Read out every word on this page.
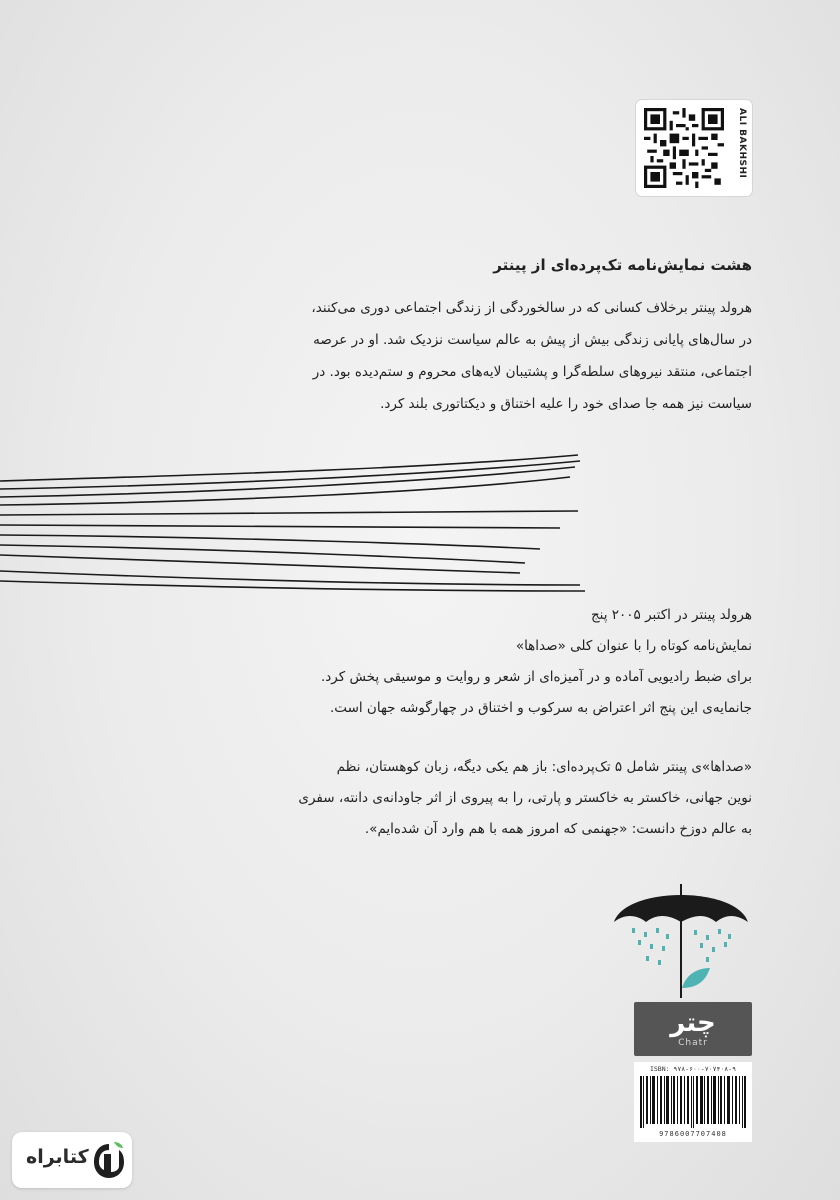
ALI BAKHSHI
هشت نمایش‌نامه تک‌پرده‌ای از پینتر
هرولد پینتر برخلاف کسانی که در سالخوردگی از زندگی اجتماعی دوری می‌کنند،
در سال‌های پایانی زندگی بیش از پیش به عالم سیاست نزدیک شد. او در عرصه
اجتماعی، منتقد نیروهای سلطه‌گرا و پشتیبان لایه‌های محروم و ستم‌دیده بود. در
سیاست نیز همه جا صدای خود را علیه اختناق و دیکتاتوری بلند کرد.
هرولد پینتر در اکتبر ۲۰۰۵ پنج
نمایش‌نامه کوتاه را با عنوان کلی «صداها»
برای ضبط رادیویی آماده و در آمیزه‌ای از شعر و روایت و موسیقی پخش کرد.
جانمایه‌ی این پنج اثر اعتراض به سرکوب و اختناق در چهارگوشه جهان است.
«صداها»ی پینتر شامل ۵ تک‌پرده‌ای: باز هم یکی دیگه، زبان کوهستان، نظم
نوین جهانی، خاکستر به خاکستر و پارتی، را به پیروی از اثر جاودانه‌ی دانته، سفری
به عالم دوزخ دانست: «جهنمی که امروز همه با هم وارد آن شده‌ایم».
چتر
Chatr
ISBN: ۹۷۸-۶۰۰-۷۰۷۴۰۸-۹
9786007707408
کتابراه
